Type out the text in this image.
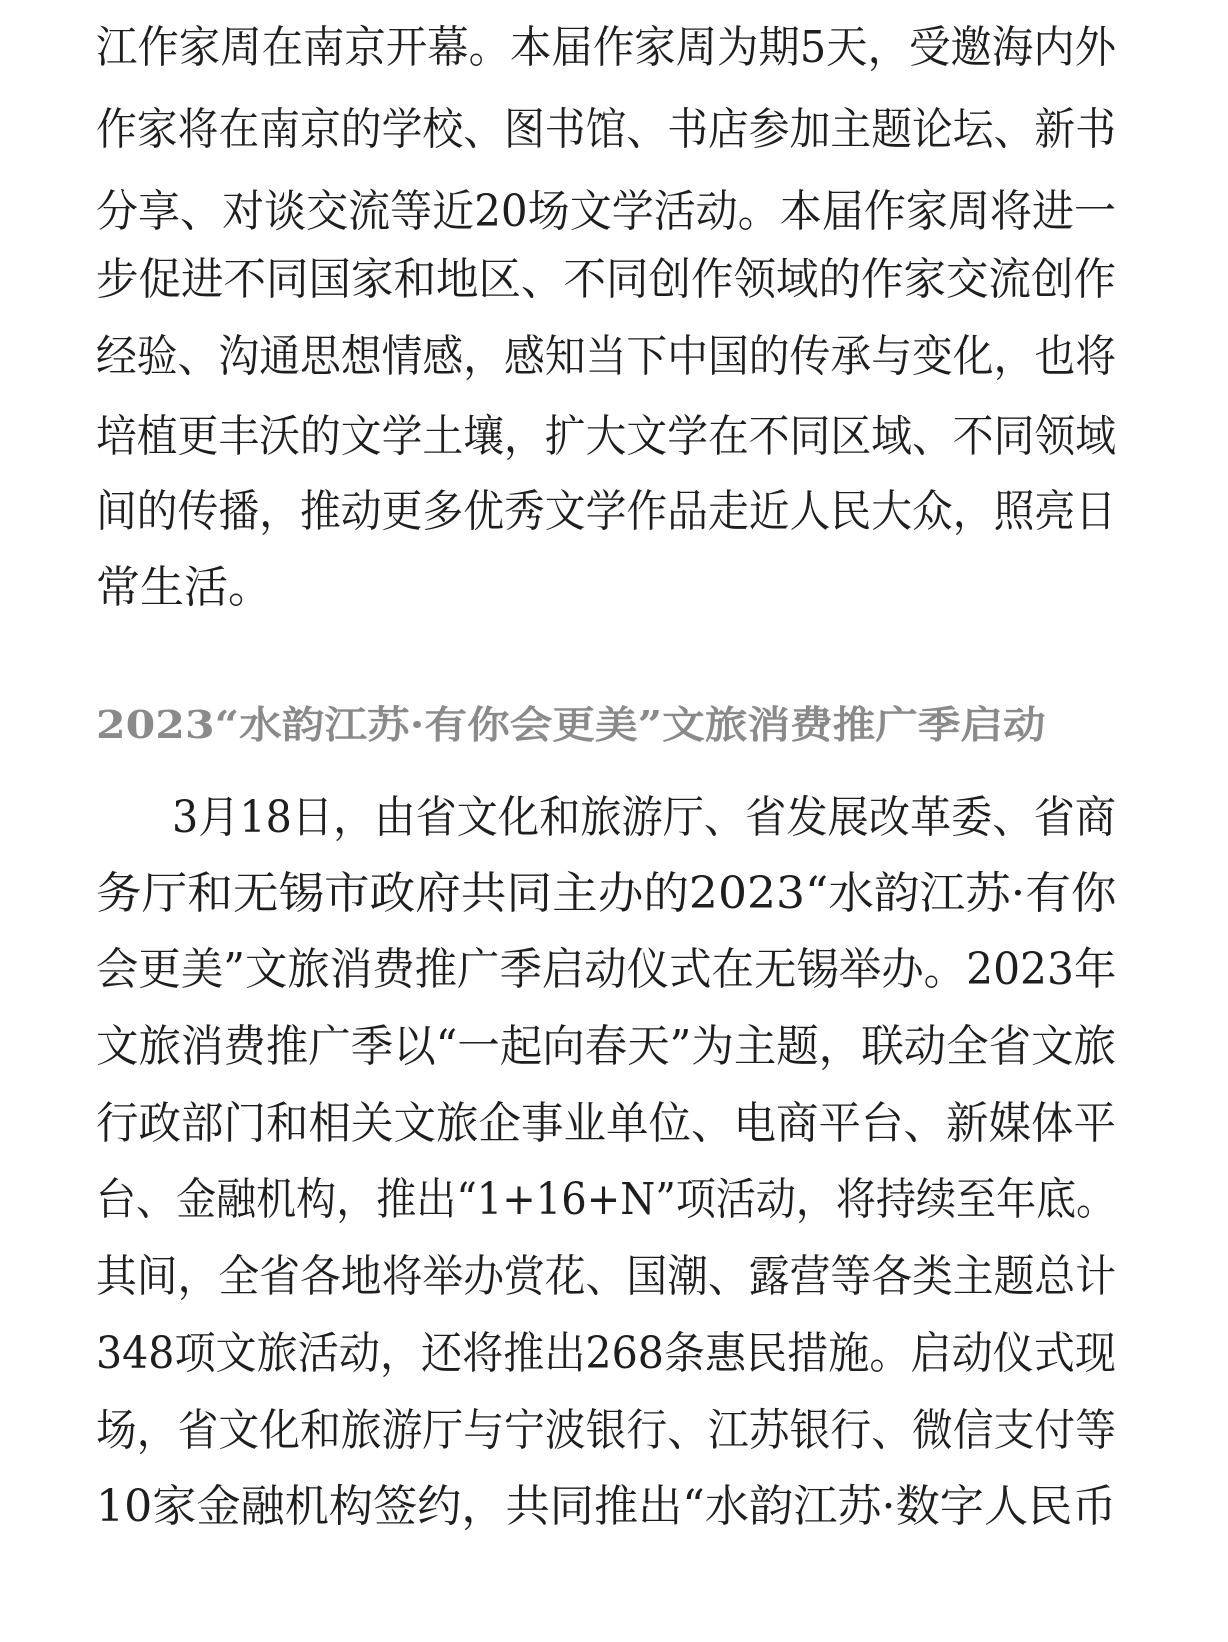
江作家周在南京开幕。本届作家周为期5天，受邀海内外
作家将在南京的学校、图书馆、书店参加主题论坛、新书
分享、对谈交流等近20场文学活动。本届作家周将进一
步促进不同国家和地区、不同创作领域的作家交流创作
经验、沟通思想情感，感知当下中国的传承与变化，也将
培植更丰沃的文学土壤，扩大文学在不同区域、不同领域
间的传播，推动更多优秀文学作品走近人民大众，照亮日
常生活。
2023“水韵江苏·有你会更美”文旅消费推广季启动
3月18日，由省文化和旅游厅、省发展改革委、省商
务厅和无锡市政府共同主办的2023“水韵江苏·有你
会更美”文旅消费推广季启动仪式在无锡举办。2023年
文旅消费推广季以“一起向春天”为主题，联动全省文旅
行政部门和相关文旅企事业单位、电商平台、新媒体平
台、金融机构，推出“1+16+N”项活动，将持续至年底。
其间，全省各地将举办赏花、国潮、露营等各类主题总计
348项文旅活动，还将推出268条惠民措施。启动仪式现
场，省文化和旅游厅与宁波银行、江苏银行、微信支付等
10家金融机构签约，共同推出“水韵江苏·数字人民币
